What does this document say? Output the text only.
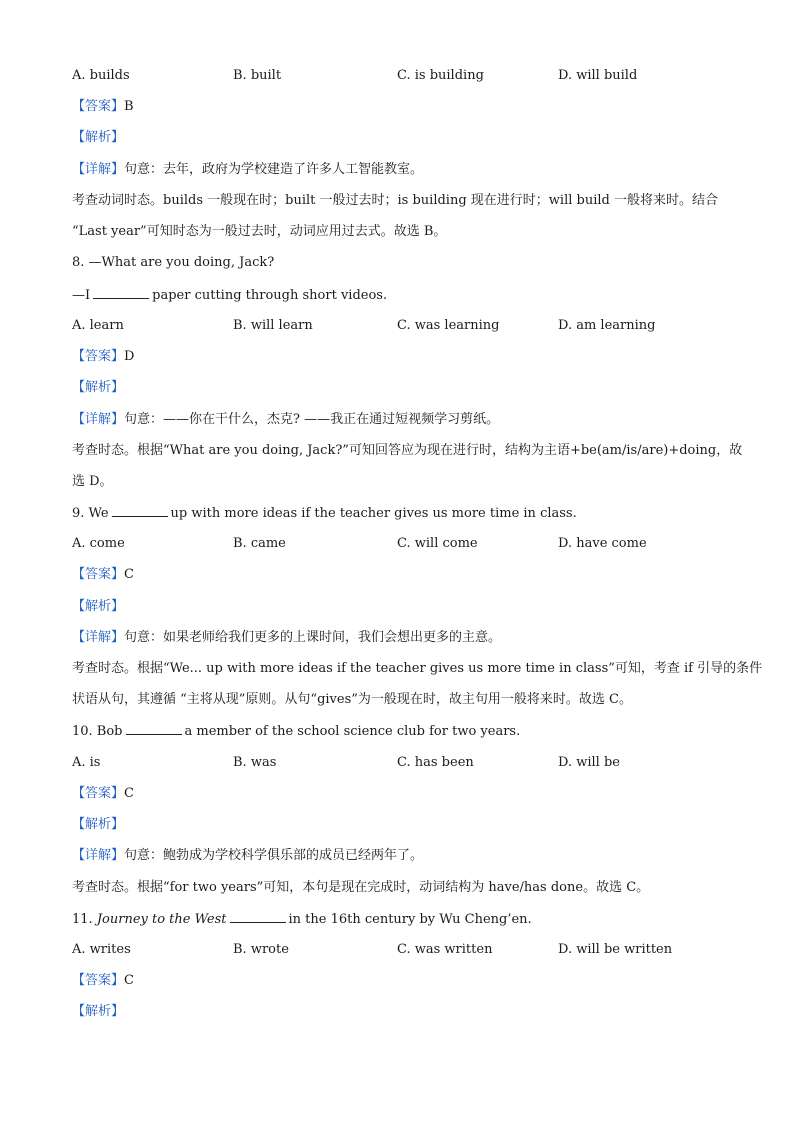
A. builds	B. built	C. is building	D. will build
【答案】B
【解析】
【详解】句意：去年，政府为学校建造了许多人工智能教室。
考查动词时态。builds 一般现在时；built 一般过去时；is building 现在进行时；will build 一般将来时。结合
“Last year”可知时态为一般过去时，动词应用过去式。故选 B。
8. —What are you doing, Jack?
—I	paper cutting through short videos.
A. learn	B. will learn	C. was learning	D. am learning
【答案】D
【解析】
【详解】句意：——你在干什么，杰克? ——我正在通过短视频学习剪纸。
考查时态。根据“What are you doing, Jack?”可知回答应为现在进行时，结构为主语+be(am/is/are)+doing，故
选 D。
9. We	up with more ideas if the teacher gives us more time in class.
A. come	B. came	C. will come	D. have come
【答案】C
【解析】
【详解】句意：如果老师给我们更多的上课时间，我们会想出更多的主意。
考查时态。根据“We... up with more ideas if the teacher gives us more time in class”可知，考查 if 引导的条件
状语从句，其遵循 “主将从现”原则。从句“gives”为一般现在时，故主句用一般将来时。故选 C。
10. Bob	a member of the school science club for two years.
A. is	B. was	C. has been	D. will be
【答案】C
【解析】
【详解】句意：鲍勃成为学校科学俱乐部的成员已经两年了。
考查时态。根据“for two years”可知，本句是现在完成时，动词结构为 have/has done。故选 C。
11. Journey to the West	in the 16th century by Wu Cheng’en.
A. writes	B. wrote	C. was written	D. will be written
【答案】C
【解析】
